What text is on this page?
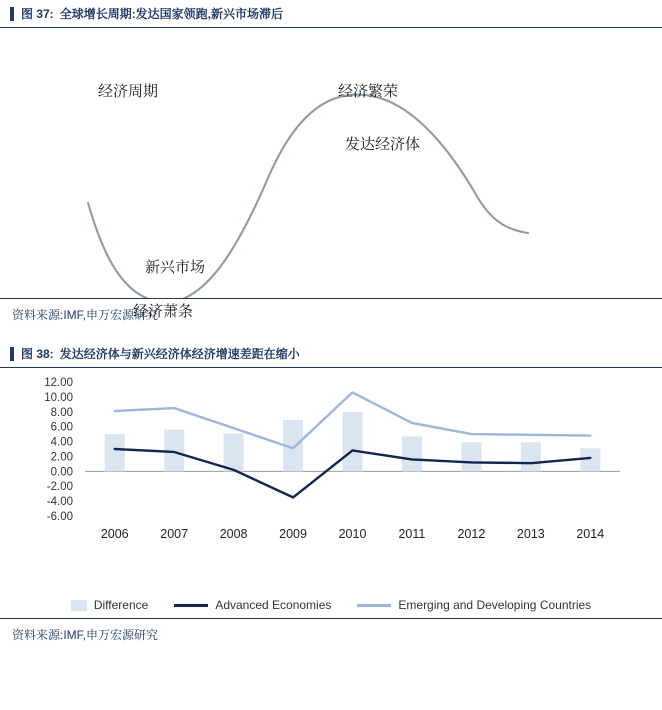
图 37: 全球增长周期:发达国家领跑,新兴市场滞后
经济周期	经济繁荣
发达经济体
新兴市场
经济萧条
资料来源:IMF,申万宏源研究
图 38: 发达经济体与新兴经济体经济增速差距在缩小
12.00
10.00
8.00
6.00
4.00
2.00
0.00
-2.00
-4.00
-6.00
2006	2007	2008	2009	2010	2011	2012	2013	2014
Difference	Advanced Economies	Emerging and Developing Countries
资料来源:IMF,申万宏源研究
